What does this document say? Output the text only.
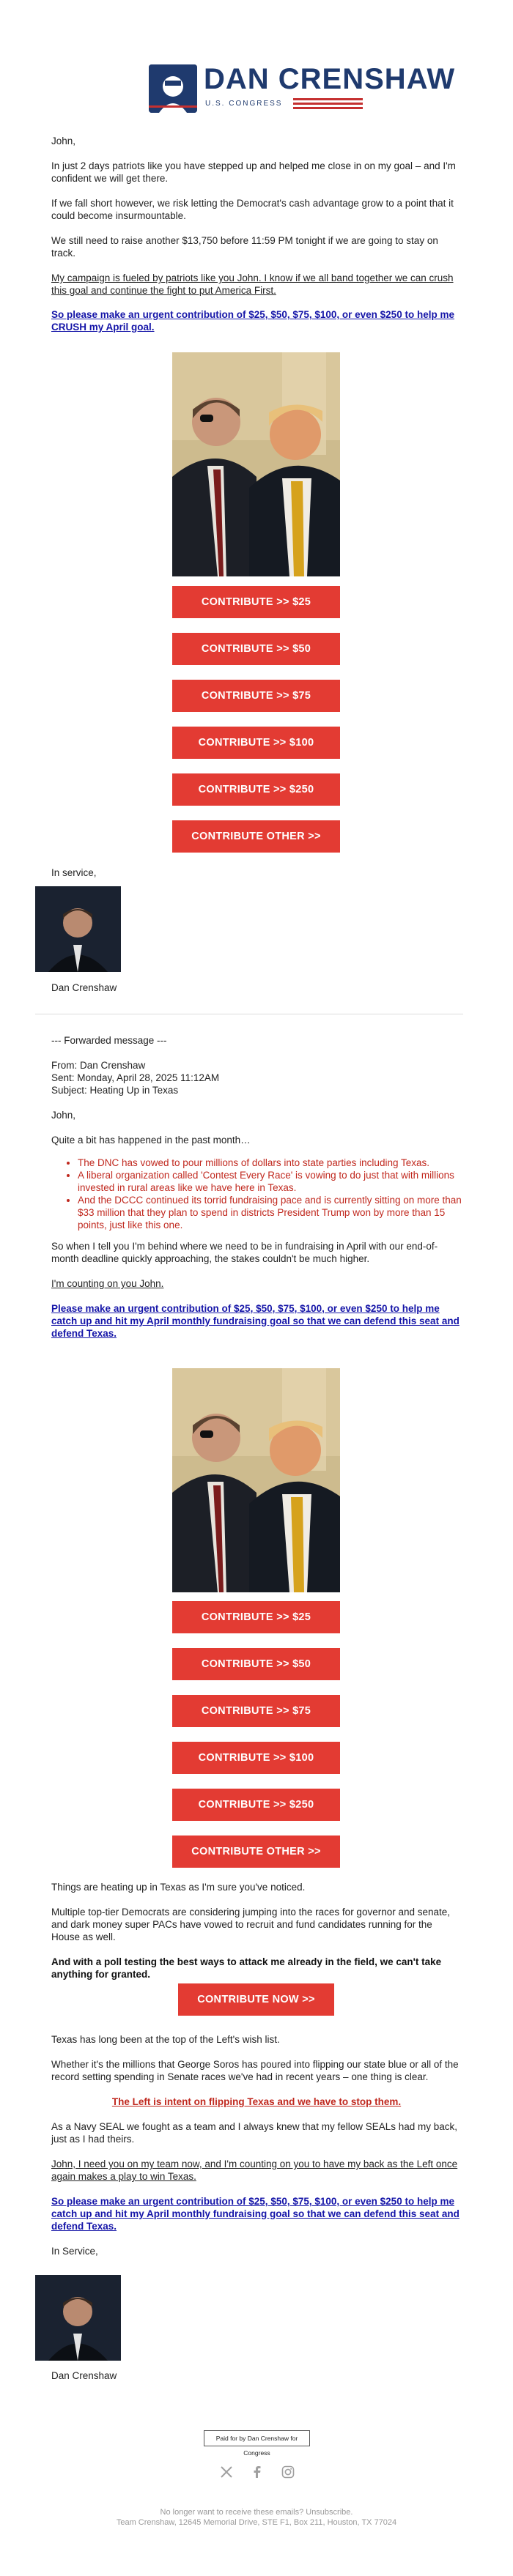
DAN CRENSHAW
U.S. CONGRESS

John,

In just 2 days patriots like you have stepped up and helped me close in on my goal – and I'm confident we will get there.

If we fall short however, we risk letting the Democrat's cash advantage grow to a point that it could become insurmountable.

We still need to raise another $13,750 before 11:59 PM tonight if we are going to stay on track.

My campaign is fueled by patriots like you John. I know if we all band together we can crush this goal and continue the fight to put America First.

So please make an urgent contribution of $25, $50, $75, $100, or even $250 to help me CRUSH my April goal.

CONTRIBUTE >> $25
CONTRIBUTE >> $50
CONTRIBUTE >> $75
CONTRIBUTE >> $100
CONTRIBUTE >> $250
CONTRIBUTE OTHER >>

In service,

Dan Crenshaw

--- Forwarded message ---

From: Dan Crenshaw

Sent: Monday, April 28, 2025 11:12AM

Subject: Heating Up in Texas

John,

Quite a bit has happened in the past month…

• The DNC has vowed to pour millions of dollars into state parties including Texas.
• A liberal organization called 'Contest Every Race' is vowing to do just that with millions invested in rural areas like we have here in Texas.
• And the DCCC continued its torrid fundraising pace and is currently sitting on more than $33 million that they plan to spend in districts President Trump won by more than 15 points, just like this one.

So when I tell you I'm behind where we need to be in fundraising in April with our end-of-month deadline quickly approaching, the stakes couldn't be much higher.

I'm counting on you John.

Please make an urgent contribution of $25, $50, $75, $100, or even $250 to help me catch up and hit my April monthly fundraising goal so that we can defend this seat and defend Texas.

CONTRIBUTE >> $25
CONTRIBUTE >> $50
CONTRIBUTE >> $75
CONTRIBUTE >> $100
CONTRIBUTE >> $250
CONTRIBUTE OTHER >>

Things are heating up in Texas as I'm sure you've noticed.

Multiple top-tier Democrats are considering jumping into the races for governor and senate, and dark money super PACs have vowed to recruit and fund candidates running for the House as well.

And with a poll testing the best ways to attack me already in the field, we can't take anything for granted.

CONTRIBUTE NOW >>

Texas has long been at the top of the Left's wish list.

Whether it's the millions that George Soros has poured into flipping our state blue or all of the record setting spending in Senate races we've had in recent years – one thing is clear.

The Left is intent on flipping Texas and we have to stop them.

As a Navy SEAL we fought as a team and I always knew that my fellow SEALs had my back, just as I had theirs.

John, I need you on my team now, and I'm counting on you to have my back as the Left once again makes a play to win Texas.

So please make an urgent contribution of $25, $50, $75, $100, or even $250 to help me catch up and hit my April monthly fundraising goal so that we can defend this seat and defend Texas.

In Service,

Dan Crenshaw

Paid for by Dan Crenshaw for Congress
No longer want to receive these emails? Unsubscribe.
Team Crenshaw, 12645 Memorial Drive, STE F1, Box 211, Houston, TX 77024
